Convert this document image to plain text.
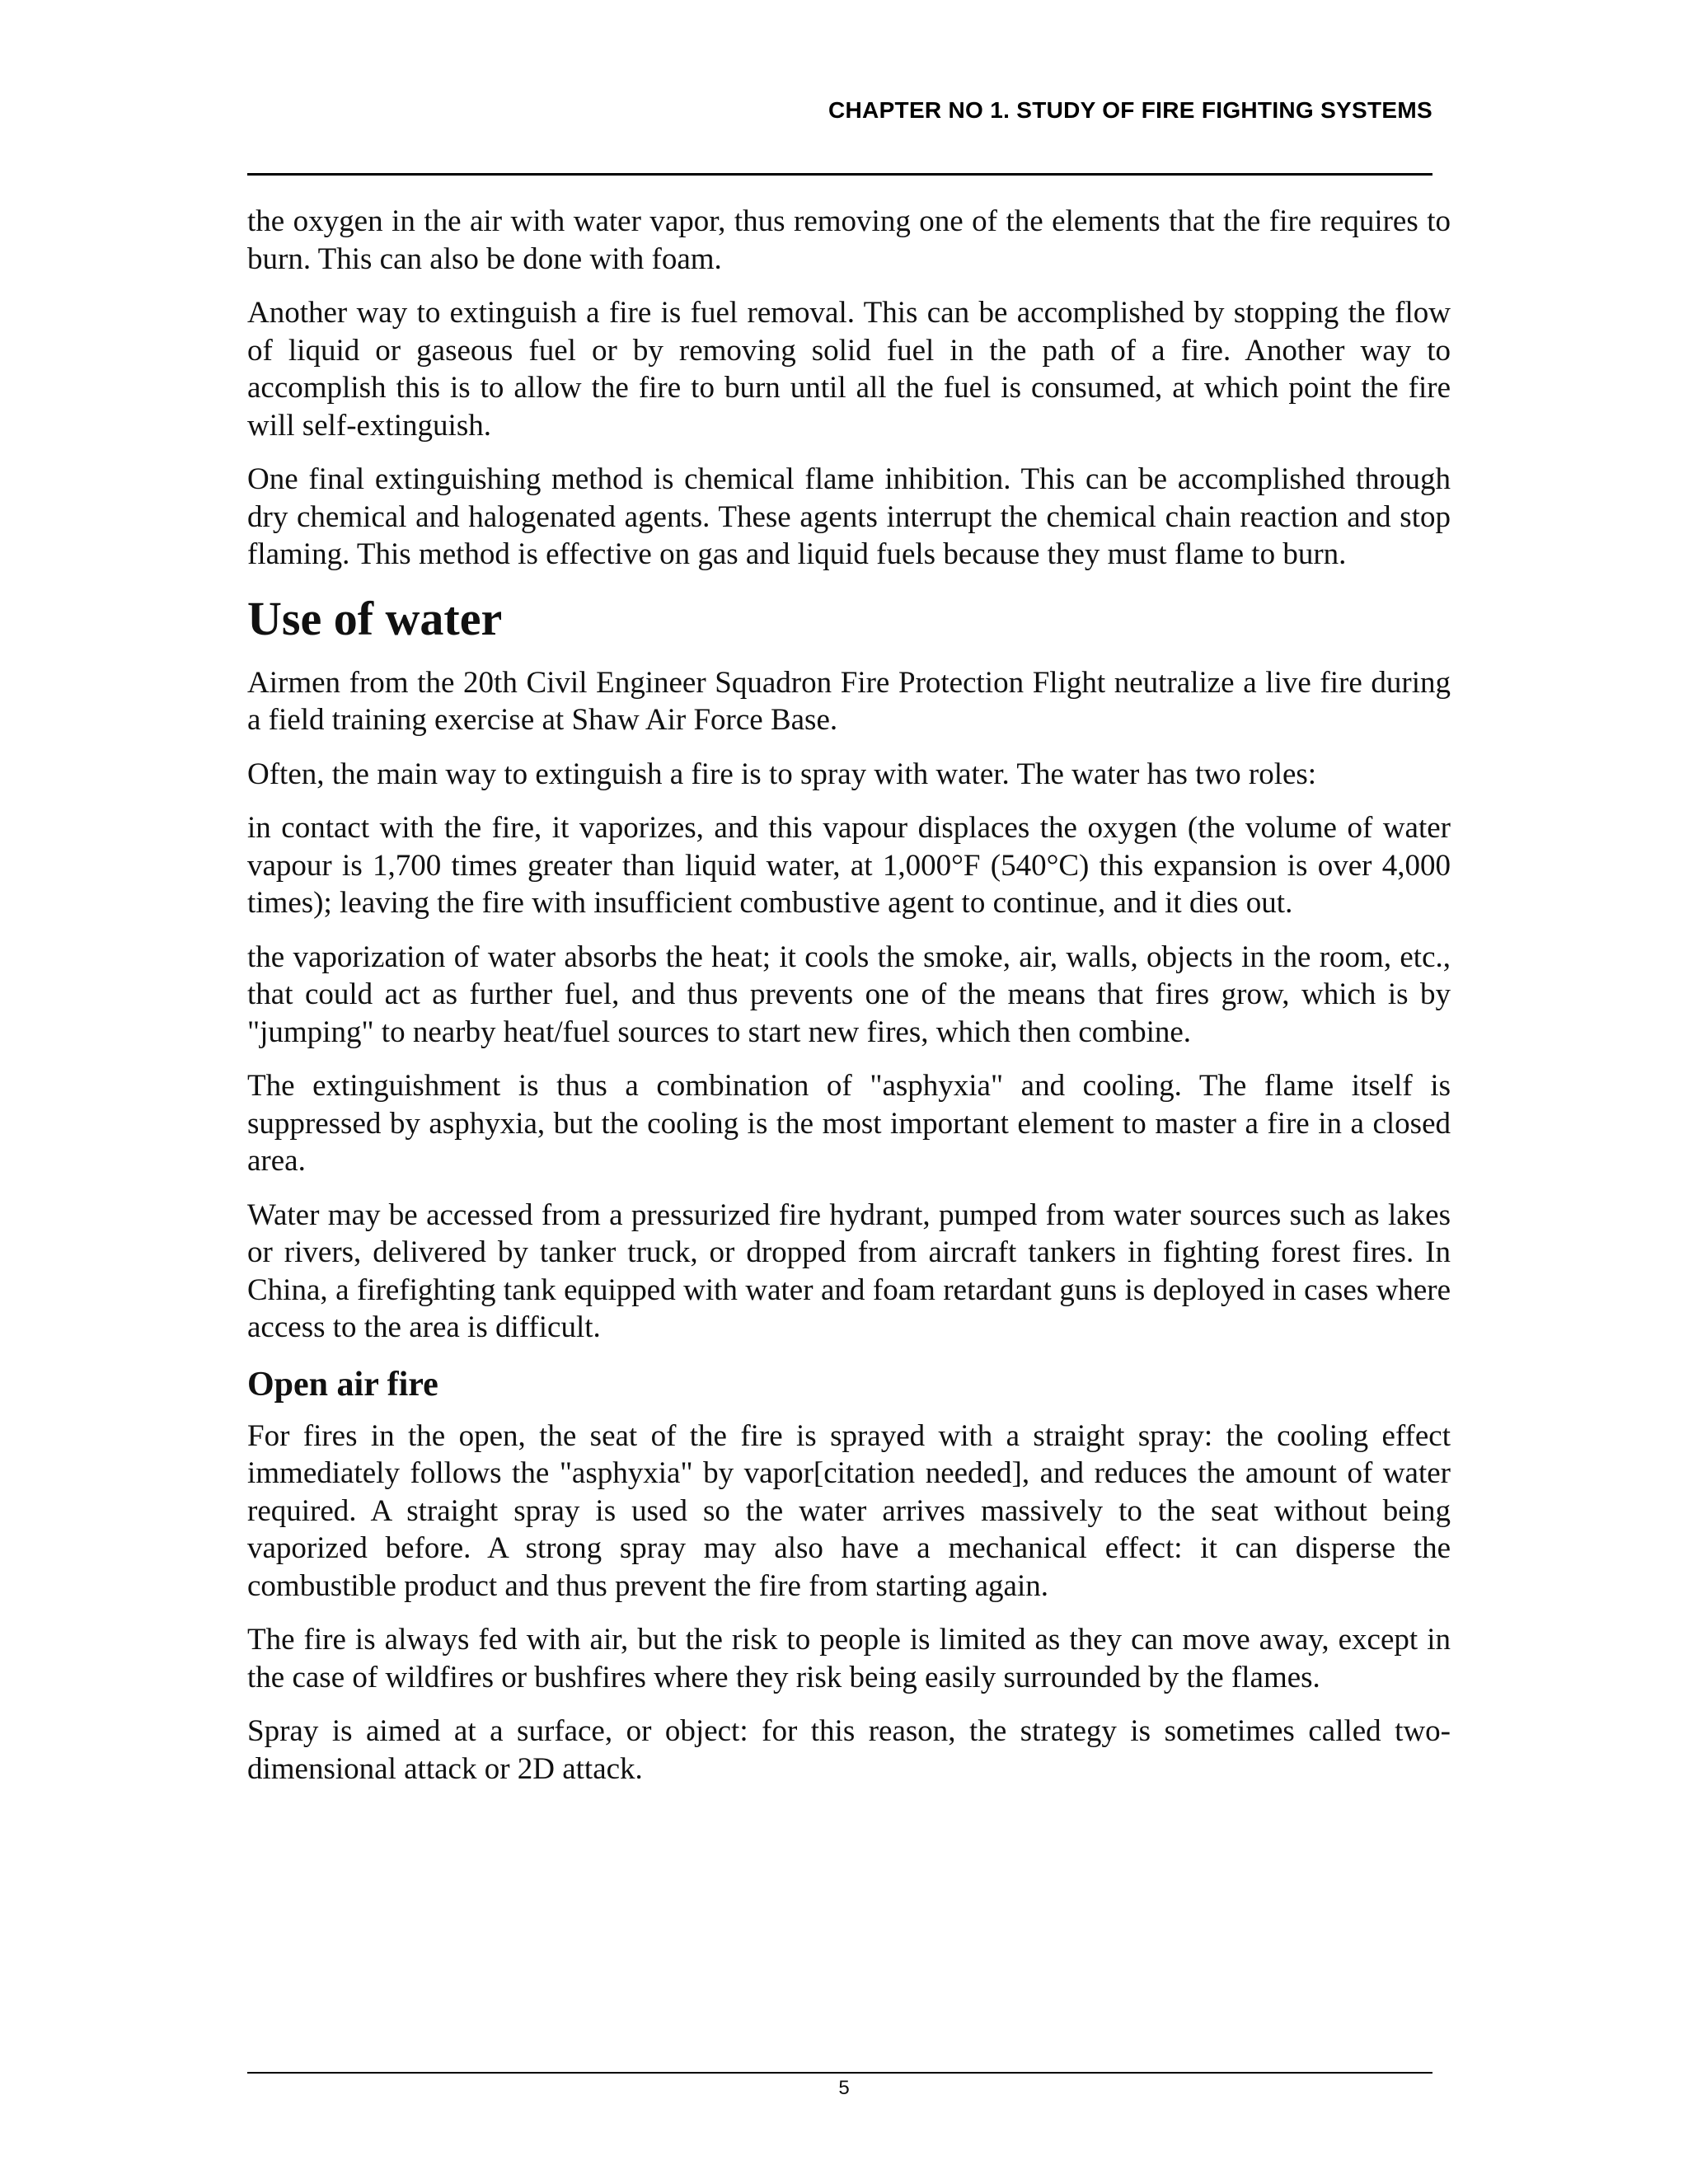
CHAPTER NO 1. STUDY OF FIRE FIGHTING SYSTEMS

the oxygen in the air with water vapor, thus removing one of the elements that the fire requires to burn. This can also be done with foam.

Another way to extinguish a fire is fuel removal. This can be accomplished by stopping the flow of liquid or gaseous fuel or by removing solid fuel in the path of a fire. Another way to accomplish this is to allow the fire to burn until all the fuel is consumed, at which point the fire will self-extinguish.

One final extinguishing method is chemical flame inhibition. This can be accomplished through dry chemical and halogenated agents. These agents interrupt the chemical chain reaction and stop flaming. This method is effective on gas and liquid fuels because they must flame to burn.

Use of water

Airmen from the 20th Civil Engineer Squadron Fire Protection Flight neutralize a live fire during a field training exercise at Shaw Air Force Base.

Often, the main way to extinguish a fire is to spray with water. The water has two roles:

in contact with the fire, it vaporizes, and this vapour displaces the oxygen (the volume of water vapour is 1,700 times greater than liquid water, at 1,000°F (540°C) this expansion is over 4,000 times); leaving the fire with insufficient combustive agent to continue, and it dies out.

the vaporization of water absorbs the heat; it cools the smoke, air, walls, objects in the room, etc., that could act as further fuel, and thus prevents one of the means that fires grow, which is by "jumping" to nearby heat/fuel sources to start new fires, which then combine.

The extinguishment is thus a combination of "asphyxia" and cooling. The flame itself is suppressed by asphyxia, but the cooling is the most important element to master a fire in a closed area.

Water may be accessed from a pressurized fire hydrant, pumped from water sources such as lakes or rivers, delivered by tanker truck, or dropped from aircraft tankers in fighting forest fires. In China, a firefighting tank equipped with water and foam retardant guns is deployed in cases where access to the area is difficult.

Open air fire

For fires in the open, the seat of the fire is sprayed with a straight spray: the cooling effect immediately follows the "asphyxia" by vapor[citation needed], and reduces the amount of water required. A straight spray is used so the water arrives massively to the seat without being vaporized before. A strong spray may also have a mechanical effect: it can disperse the combustible product and thus prevent the fire from starting again.

The fire is always fed with air, but the risk to people is limited as they can move away, except in the case of wildfires or bushfires where they risk being easily surrounded by the flames.

Spray is aimed at a surface, or object: for this reason, the strategy is sometimes called two-dimensional attack or 2D attack.

5
